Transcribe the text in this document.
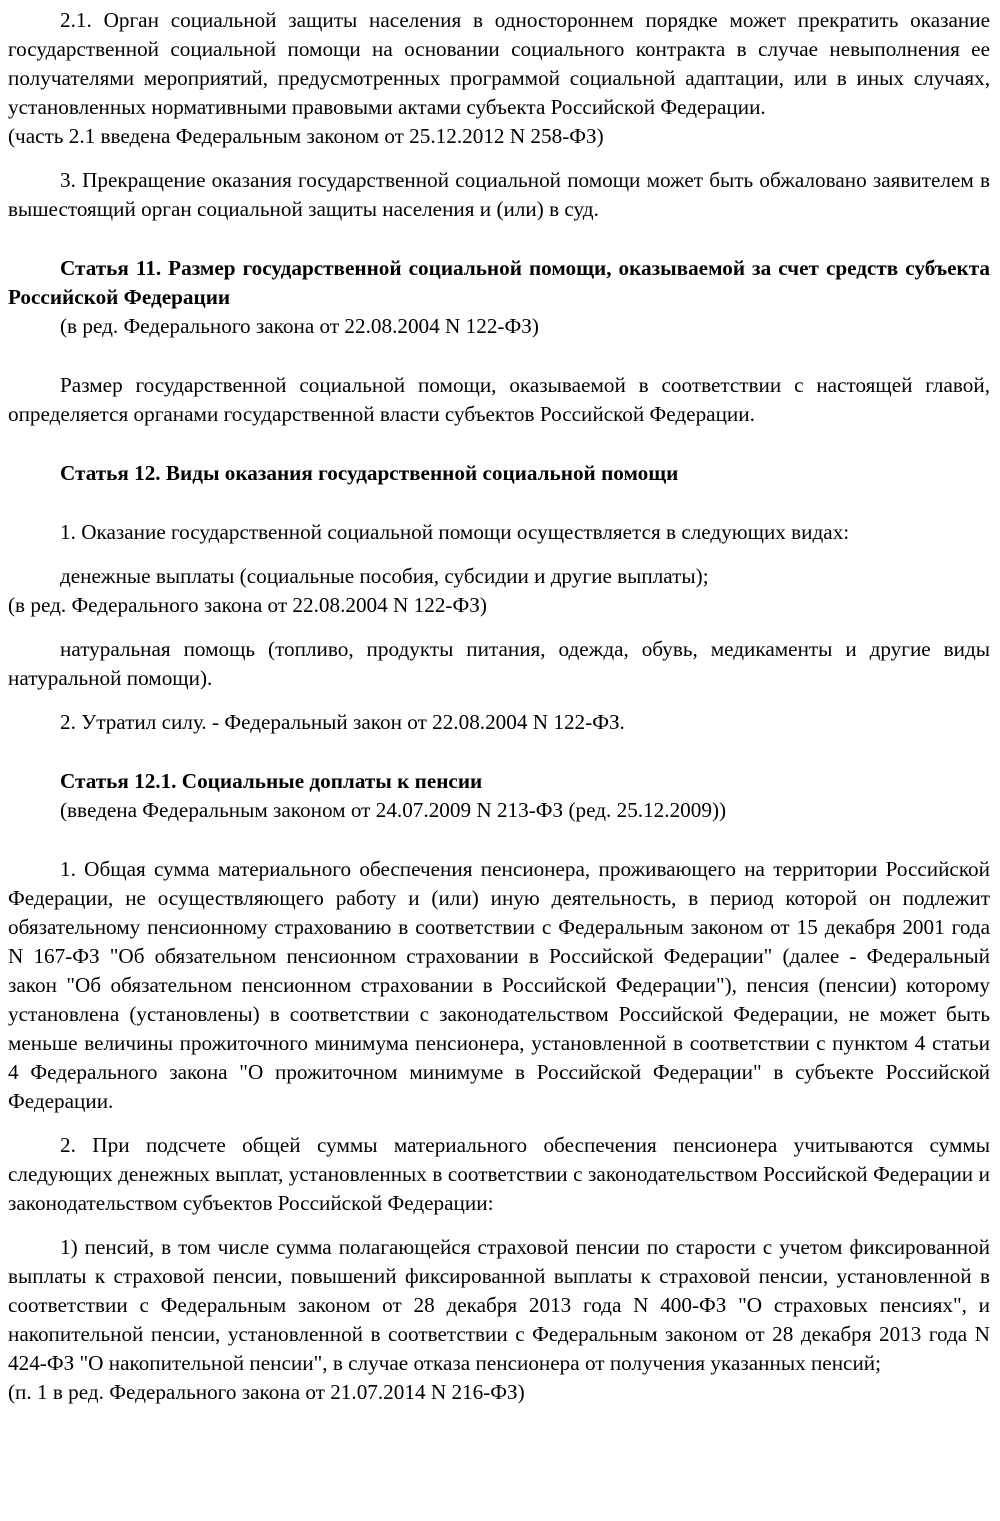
2.1. Орган социальной защиты населения в одностороннем порядке может прекратить оказание государственной социальной помощи на основании социального контракта в случае невыполнения ее получателями мероприятий, предусмотренных программой социальной адаптации, или в иных случаях, установленных нормативными правовыми актами субъекта Российской Федерации.

(часть 2.1 введена Федеральным законом от 25.12.2012 N 258-ФЗ)

3. Прекращение оказания государственной социальной помощи может быть обжаловано заявителем в вышестоящий орган социальной защиты населения и (или) в суд.

Статья 11. Размер государственной социальной помощи, оказываемой за счет средств субъекта Российской Федерации

(в ред. Федерального закона от 22.08.2004 N 122-ФЗ)

Размер государственной социальной помощи, оказываемой в соответствии с настоящей главой, определяется органами государственной власти субъектов Российской Федерации.

Статья 12. Виды оказания государственной социальной помощи

1. Оказание государственной социальной помощи осуществляется в следующих видах:

денежные выплаты (социальные пособия, субсидии и другие выплаты);

(в ред. Федерального закона от 22.08.2004 N 122-ФЗ)

натуральная помощь (топливо, продукты питания, одежда, обувь, медикаменты и другие виды натуральной помощи).

2. Утратил силу. - Федеральный закон от 22.08.2004 N 122-ФЗ.

Статья 12.1. Социальные доплаты к пенсии

(введена Федеральным законом от 24.07.2009 N 213-ФЗ (ред. 25.12.2009))

1. Общая сумма материального обеспечения пенсионера, проживающего на территории Российской Федерации, не осуществляющего работу и (или) иную деятельность, в период которой он подлежит обязательному пенсионному страхованию в соответствии с Федеральным законом от 15 декабря 2001 года N 167-ФЗ "Об обязательном пенсионном страховании в Российской Федерации" (далее - Федеральный закон "Об обязательном пенсионном страховании в Российской Федерации"), пенсия (пенсии) которому установлена (установлены) в соответствии с законодательством Российской Федерации, не может быть меньше величины прожиточного минимума пенсионера, установленной в соответствии с пунктом 4 статьи 4 Федерального закона "О прожиточном минимуме в Российской Федерации" в субъекте Российской Федерации.

2. При подсчете общей суммы материального обеспечения пенсионера учитываются суммы следующих денежных выплат, установленных в соответствии с законодательством Российской Федерации и законодательством субъектов Российской Федерации:

1) пенсий, в том числе сумма полагающейся страховой пенсии по старости с учетом фиксированной выплаты к страховой пенсии, повышений фиксированной выплаты к страховой пенсии, установленной в соответствии с Федеральным законом от 28 декабря 2013 года N 400-ФЗ "О страховых пенсиях", и накопительной пенсии, установленной в соответствии с Федеральным законом от 28 декабря 2013 года N 424-ФЗ "О накопительной пенсии", в случае отказа пенсионера от получения указанных пенсий;

(п. 1 в ред. Федерального закона от 21.07.2014 N 216-ФЗ)
